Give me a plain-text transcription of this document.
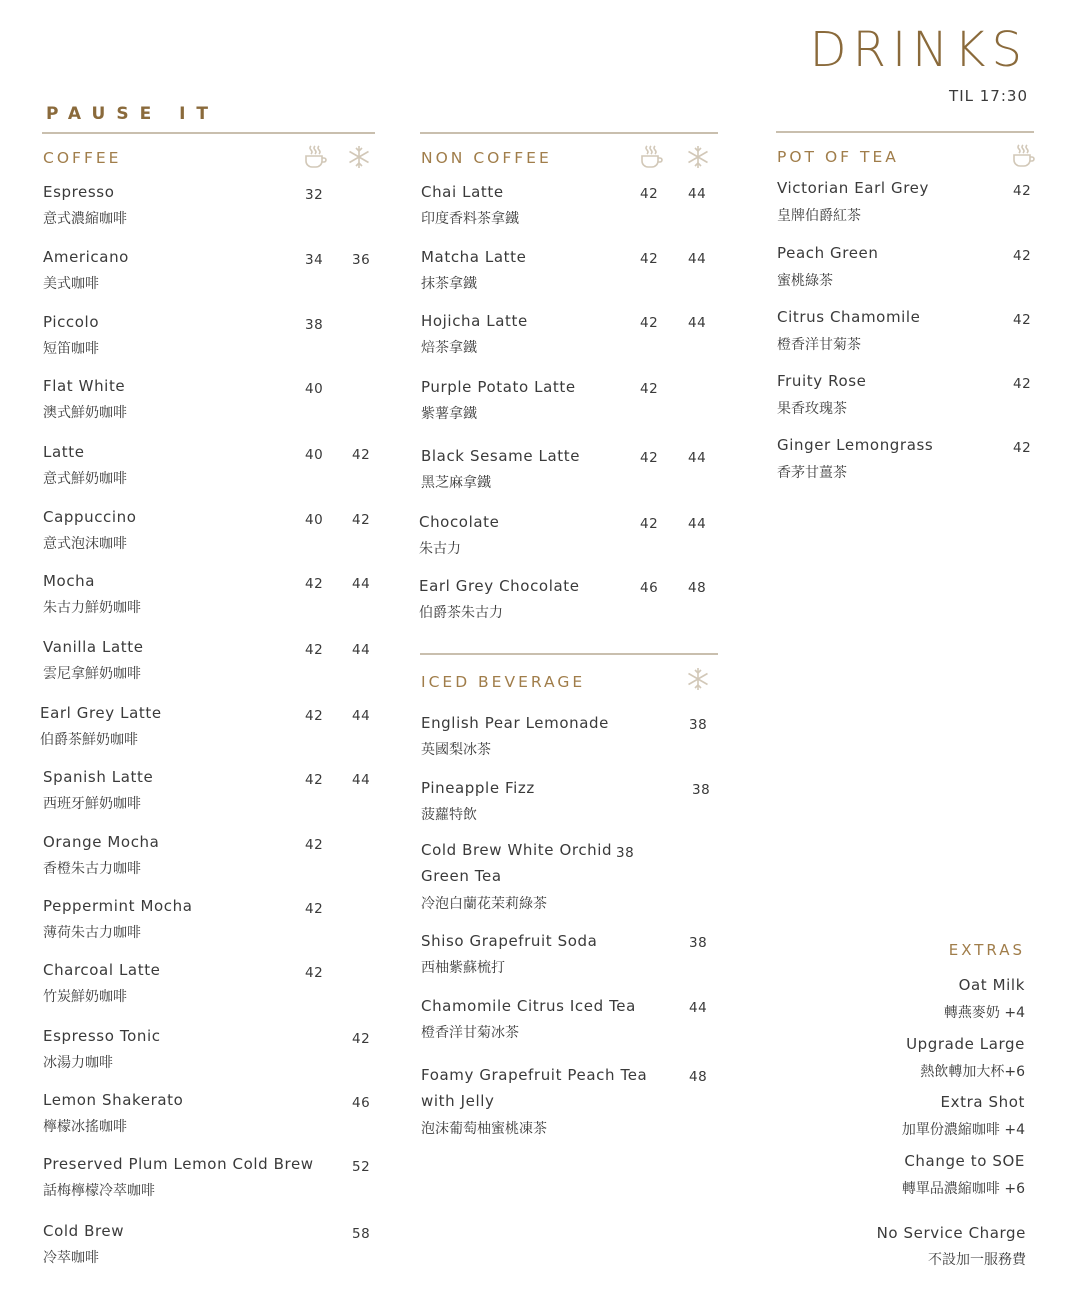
DRINKS
TIL 17:30
PAUSE IT
COFFEE
Espresso
意式濃縮咖啡
32
Americano
美式咖啡
34 36
Piccolo
短笛咖啡
38
Flat White
澳式鮮奶咖啡
40
Latte
意式鮮奶咖啡
40 42
Cappuccino
意式泡沫咖啡
40 42
Mocha
朱古力鮮奶咖啡
42 44
Vanilla Latte
雲尼拿鮮奶咖啡
42 44
Earl Grey Latte
伯爵茶鮮奶咖啡
42 44
Spanish Latte
西班牙鮮奶咖啡
42 44
Orange Mocha
香橙朱古力咖啡
42
Peppermint Mocha
薄荷朱古力咖啡
42
Charcoal Latte
竹炭鮮奶咖啡
42
Espresso Tonic
冰湯力咖啡
42
Lemon Shakerato
檸檬冰搖咖啡
46
Preserved Plum Lemon Cold Brew
話梅檸檬冷萃咖啡
52
Cold Brew
冷萃咖啡
58
NON COFFEE
Chai Latte
印度香料茶拿鐵
42 44
Matcha Latte
抹茶拿鐵
42 44
Hojicha Latte
焙茶拿鐵
42 44
Purple Potato Latte
紫薯拿鐵
42
Black Sesame Latte
黑芝麻拿鐵
42 44
Chocolate
朱古力
42 44
Earl Grey Chocolate
伯爵茶朱古力
46 48
ICED BEVERAGE
English Pear Lemonade
英國梨冰茶
38
Pineapple Fizz
菠蘿特飲
38
Cold Brew White Orchid
Green Tea
冷泡白蘭花茉莉綠茶
38
Shiso Grapefruit Soda
西柚紫蘇梳打
38
Chamomile Citrus Iced Tea
橙香洋甘菊冰茶
44
Foamy Grapefruit Peach Tea
with Jelly
泡沫葡萄柚蜜桃凍茶
48
POT OF TEA
Victorian Earl Grey
皇牌伯爵紅茶
42
Peach Green
蜜桃綠茶
42
Citrus Chamomile
橙香洋甘菊茶
42
Fruity Rose
果香玫瑰茶
42
Ginger Lemongrass
香茅甘薑茶
42
EXTRAS
Oat Milk
轉燕麥奶 +4
Upgrade Large
熱飲轉加大杯+6
Extra Shot
加單份濃縮咖啡 +4
Change to SOE
轉單品濃縮咖啡 +6
No Service Charge
不設加一服務費
